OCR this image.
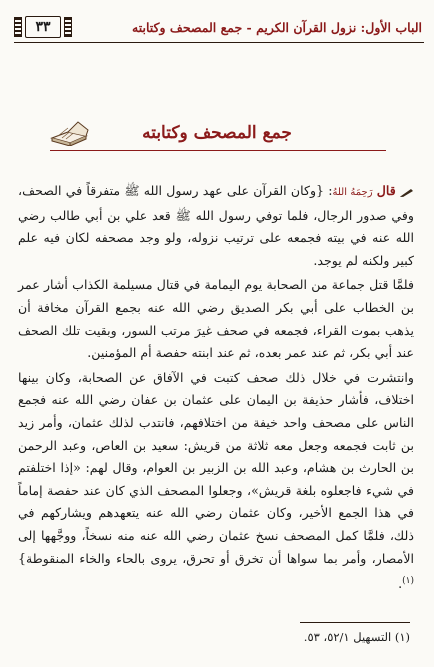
الباب الأول: نزول القرآن الكريم - جمع المصحف وكتابته
٣٣
جمع المصحف وكتابته

قال رَحِمَهُ اللهُ: {وكان القرآن على عهد رسول الله ﷺ متفرقاً في الصحف، وفي صدور الرجال، فلما توفي رسول الله ﷺ قعد علي بن أبي طالب رضي الله عنه في بيته فجمعه على ترتيب نزوله، ولو وجد مصحفه لكان فيه علم كبير ولكنه لم يوجد.

فلمَّا قتل جماعة من الصحابة يوم اليمامة في قتال مسيلمة الكذاب أشار عمر بن الخطاب على أبي بكر الصديق رضي الله عنه بجمع القرآن مخافة أن يذهب بموت القراء، فجمعه في صحف غيرَ مرتب السور، وبقيت تلك الصحف عند أبي بكر، ثم عند عمر بعده، ثم عند ابنته حفصة أم المؤمنين.

وانتشرت في خلال ذلك صحف كتبت في الآفاق عن الصحابة، وكان بينها اختلاف، فأشار حذيفة بن اليمان على عثمان بن عفان رضي الله عنه فجمع الناس على مصحف واحد خيفة من اختلافهم، فانتدب لذلك عثمان، وأمر زيد بن ثابت فجمعه وجعل معه ثلاثة من قريش: سعيد بن العاص، وعبد الرحمن بن الحارث بن هشام، وعبد الله بن الزبير بن العوام، وقال لهم: «إذا اختلفتم في شيء فاجعلوه بلغة قريش»، وجعلوا المصحف الذي كان عند حفصة إماماً في هذا الجمع الأخير، وكان عثمان رضي الله عنه يتعهدهم ويشاركهم في ذلك، فلمَّا كمل المصحف نسخ عثمان رضي الله عنه منه نسخاً، ووجَّهها إلى الأمصار، وأمر بما سواها أن تخرق أو تحرق، يروى بالحاء والخاء المنقوطة}$^{(١)}$.

(١) التسهيل ٥٢/١، ٥٣.
